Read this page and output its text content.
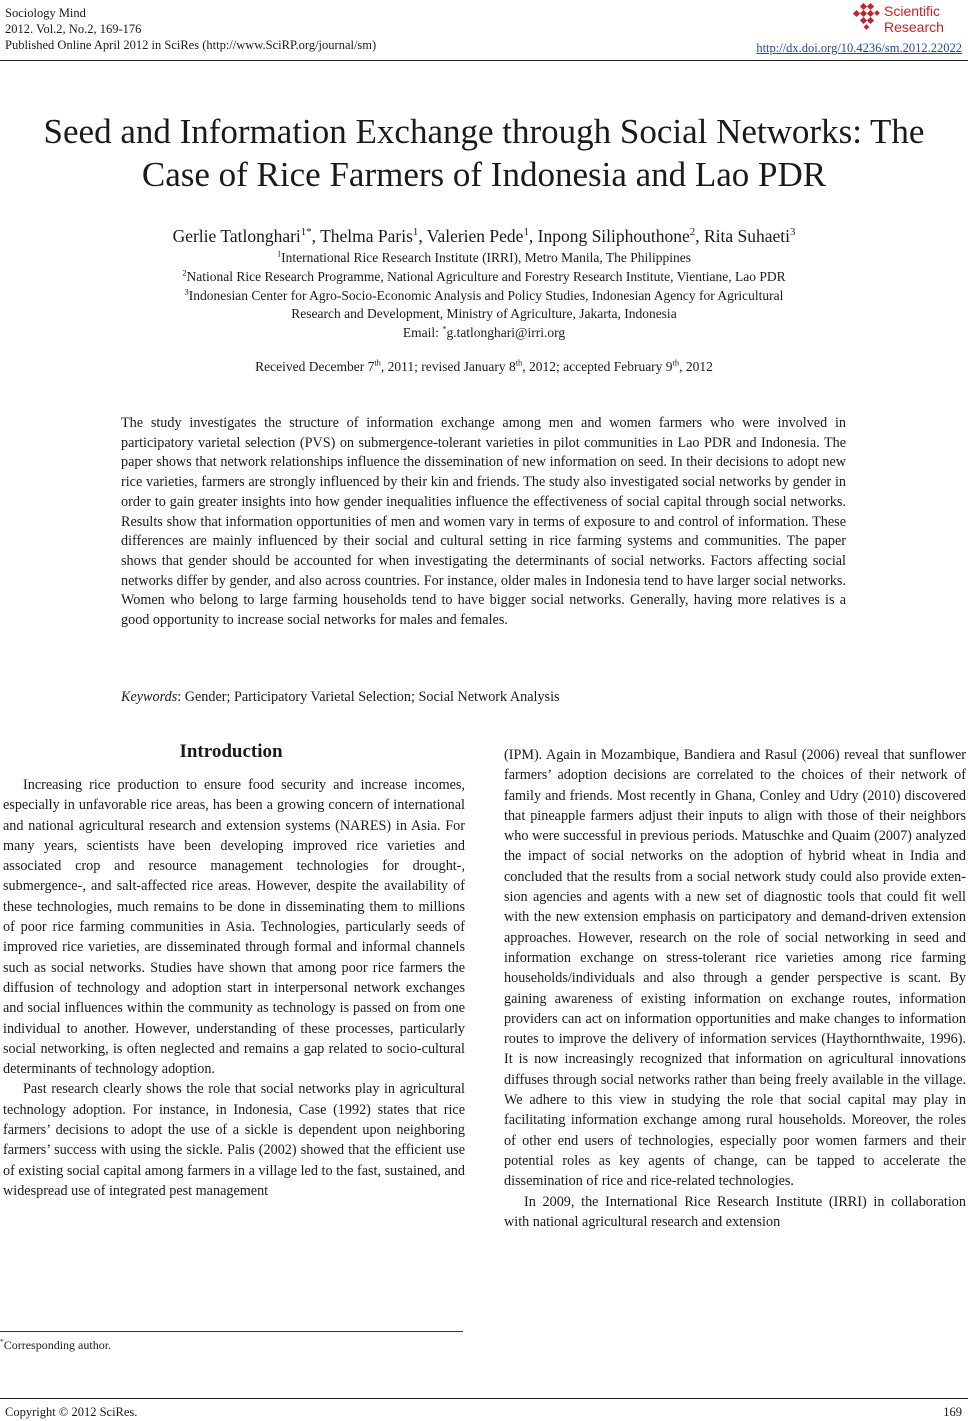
Sociology Mind
2012. Vol.2, No.2, 169-176
Published Online April 2012 in SciRes (http://www.SciRP.org/journal/sm)
Scientific
Research
http://dx.doi.org/10.4236/sm.2012.22022
Seed and Information Exchange through Social Networks: The
Case of Rice Farmers of Indonesia and Lao PDR
Gerlie Tatlonghari$^{1*}$, Thelma Paris$^1$, Valerien Pede$^1$, Inpong Siliphouthone$^2$, Rita Suhaeti$^3$
$^1$International Rice Research Institute (IRRI), Metro Manila, The Philippines
$^2$National Rice Research Programme, National Agriculture and Forestry Research Institute, Vientiane, Lao PDR
$^3$Indonesian Center for Agro-Socio-Economic Analysis and Policy Studies, Indonesian Agency for Agricultural
Research and Development, Ministry of Agriculture, Jakarta, Indonesia
Email: *g.tatlonghari@irri.org
Received December 7th, 2011; revised January 8th, 2012; accepted February 9th, 2012

The study investigates the structure of information exchange among men and women farmers who were involved in participatory varietal selection (PVS) on submergence-tolerant varieties in pilot communities in Lao PDR and Indonesia. The paper shows that network relationships influence the dissemination of new information on seed. In their decisions to adopt new rice varieties, farmers are strongly influenced by their kin and friends. The study also investigated social networks by gender in order to gain greater insights into how gender inequalities influence the effectiveness of social capital through social networks. Results show that information opportunities of men and women vary in terms of exposure to and control of information. These differences are mainly influenced by their social and cultural setting in rice farming systems and communities. The paper shows that gender should be accounted for when investigating the determinants of social networks. Factors affecting social networks differ by gender, and also across countries. For instance, older males in Indonesia tend to have larger social networks. Women who belong to large farming households tend to have bigger social networks. Generally, having more relatives is a good opportunity to increase social networks for males and females.

Keywords: Gender; Participatory Varietal Selection; Social Network Analysis
Introduction

Increasing rice production to ensure food security and increase incomes, especially in unfavorable rice areas, has been a growing concern of international and national agricultural research and extension systems (NARES) in Asia. For many years, scientists have been developing improved rice varieties and associated crop and resource management technologies for drought-, submergence-, and salt-affected rice areas. However, despite the availability of these technologies, much remains to be done in disseminating them to millions of poor rice farming communities in Asia. Technologies, particularly seeds of improved rice varieties, are disseminated through formal and informal channels such as social networks. Studies have shown that among poor rice farmers the diffusion of technology and adoption start in interpersonal network exchanges and social influences within the community as technology is passed on from one individual to another. However, understanding of these processes, particularly social networking, is often neglected and remains a gap related to socio-cultural determinants of technology adoption.

Past research clearly shows the role that social networks play in agricultural technology adoption. For instance, in Indonesia, Case (1992) states that rice farmers’ decisions to adopt the use of a sickle is dependent upon neighboring farmers’ success with using the sickle. Palis (2002) showed that the efficient use of existing social capital among farmers in a village led to the fast, sustained, and widespread use of integrated pest management

(IPM). Again in Mozambique, Bandiera and Rasul (2006) reveal that sunflower farmers’ adoption decisions are correlated to the choices of their network of family and friends. Most recently in Ghana, Conley and Udry (2010) discovered that pineapple farmers adjust their inputs to align with those of their neighbors who were successful in previous periods. Matuschke and Quaim (2007) analyzed the impact of social networks on the adoption of hybrid wheat in India and concluded that the results from a social network study could also provide extension agencies and agents with a new set of diagnostic tools that could fit well with the new extension emphasis on participatory and demand-driven extension approaches. However, research on the role of social networking in seed and information exchange on stress-tolerant rice varieties among rice farming households/individuals and also through a gender perspective is scant. By gaining awareness of existing information on exchange routes, information providers can act on information opportunities and make changes to information routes to improve the delivery of information services (Haythornthwaite, 1996). It is now increasingly recognized that information on agricultural innovations diffuses through social networks rather than being freely available in the village. We adhere to this view in studying the role that social capital may play in facilitating information exchange among rural households. Moreover, the roles of other end users of technologies, especially poor women farmers and their potential roles as key agents of change, can be tapped to accelerate the dissemination of rice and rice-related technologies.

In 2009, the International Rice Research Institute (IRRI) in collaboration with national agricultural research and extension

*Corresponding author.
Copyright © 2012 SciRes.	169
